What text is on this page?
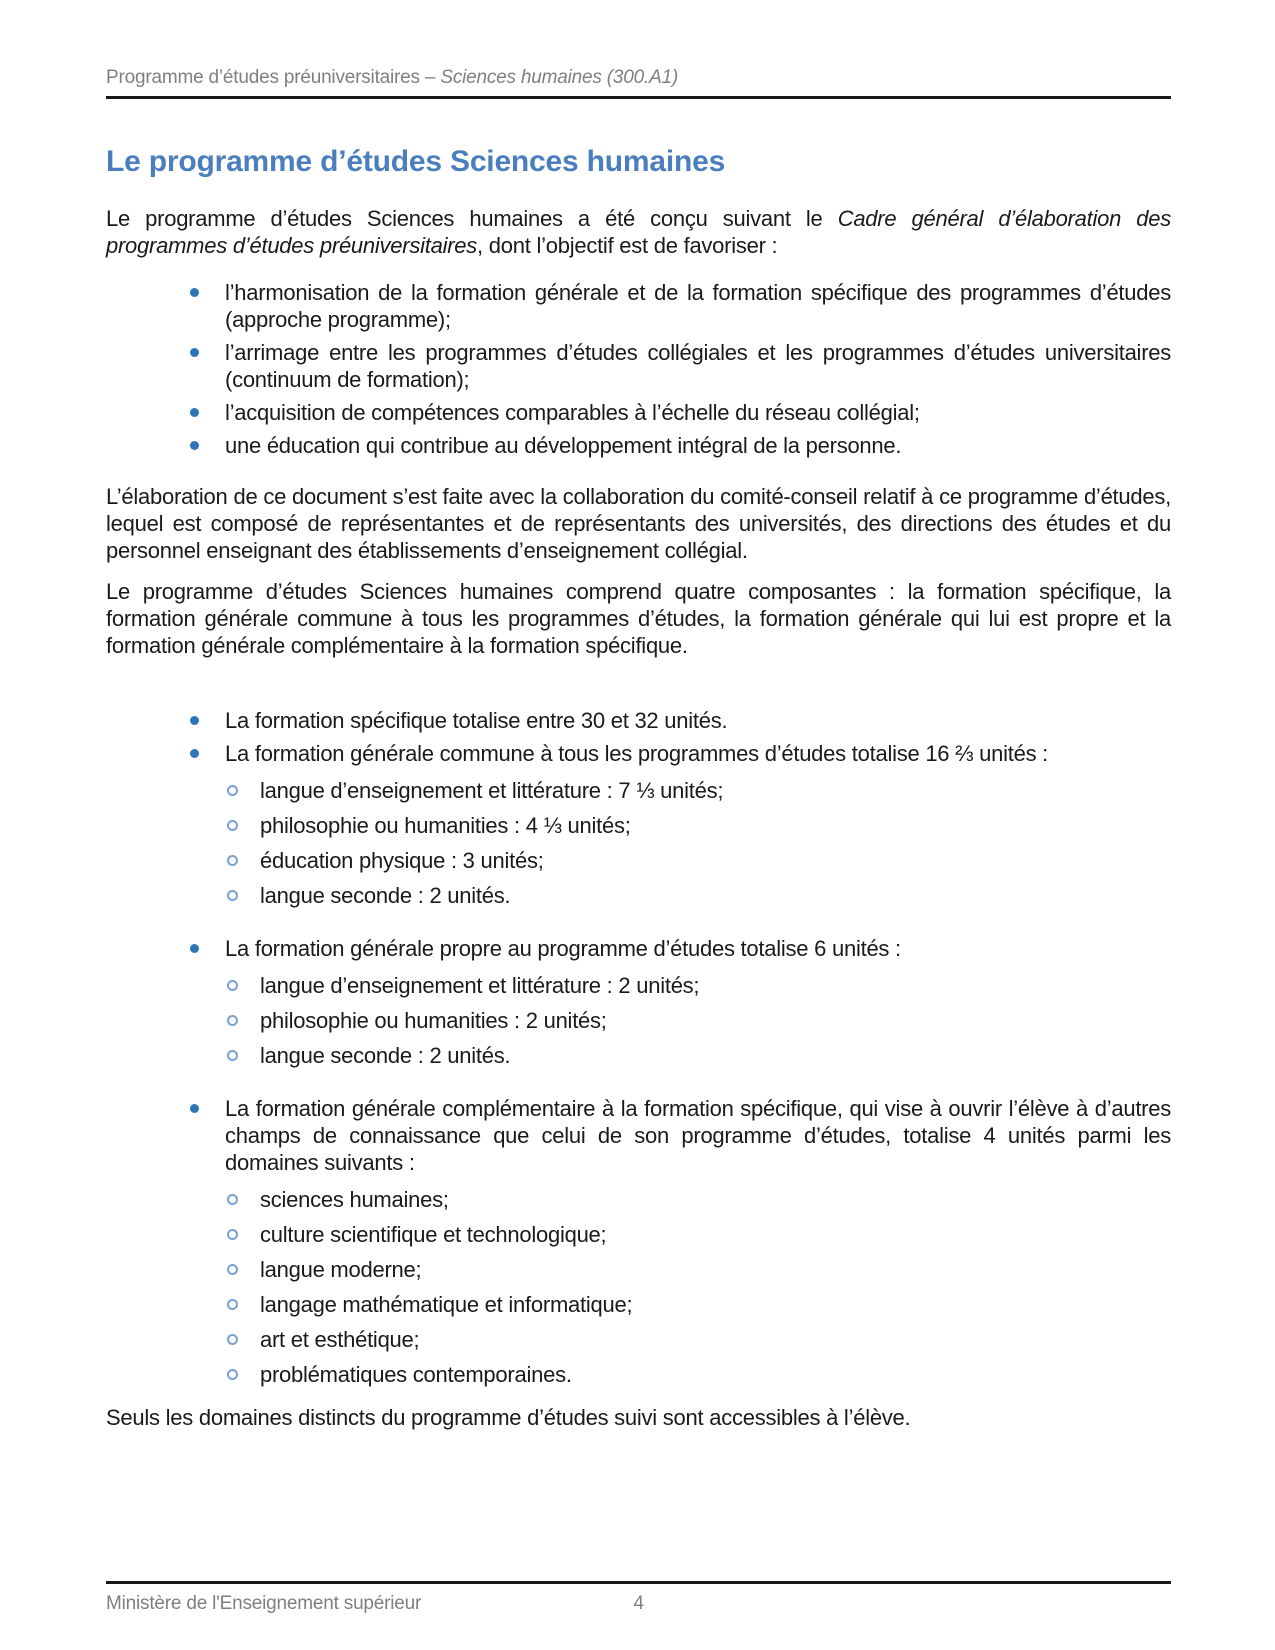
Programme d’études préuniversitaires – Sciences humaines (300.A1)
Le programme d’études Sciences humaines

Le programme d’études Sciences humaines a été conçu suivant le Cadre général d’élaboration des programmes d’études préuniversitaires, dont l’objectif est de favoriser :

l’harmonisation de la formation générale et de la formation spécifique des programmes d’études (approche programme);
l’arrimage entre les programmes d’études collégiales et les programmes d’études universitaires (continuum de formation);
l’acquisition de compétences comparables à l’échelle du réseau collégial;
une éducation qui contribue au développement intégral de la personne.

L’élaboration de ce document s’est faite avec la collaboration du comité-conseil relatif à ce programme d’études, lequel est composé de représentantes et de représentants des universités, des directions des études et du personnel enseignant des établissements d’enseignement collégial.

Le programme d’études Sciences humaines comprend quatre composantes : la formation spécifique, la formation générale commune à tous les programmes d’études, la formation générale qui lui est propre et la formation générale complémentaire à la formation spécifique.

La formation spécifique totalise entre 30 et 32 unités.
La formation générale commune à tous les programmes d’études totalise 16 ⅔ unités :
langue d’enseignement et littérature : 7 ⅓ unités;
philosophie ou humanities : 4 ⅓ unités;
éducation physique : 3 unités;
langue seconde : 2 unités.
La formation générale propre au programme d’études totalise 6 unités :
langue d’enseignement et littérature : 2 unités;
philosophie ou humanities : 2 unités;
langue seconde : 2 unités.
La formation générale complémentaire à la formation spécifique, qui vise à ouvrir l’élève à d’autres champs de connaissance que celui de son programme d’études, totalise 4 unités parmi les domaines suivants :
sciences humaines;
culture scientifique et technologique;
langue moderne;
langage mathématique et informatique;
art et esthétique;
problématiques contemporaines.

Seuls les domaines distincts du programme d’études suivi sont accessibles à l’élève.

Ministère de l'Enseignement supérieur	4
